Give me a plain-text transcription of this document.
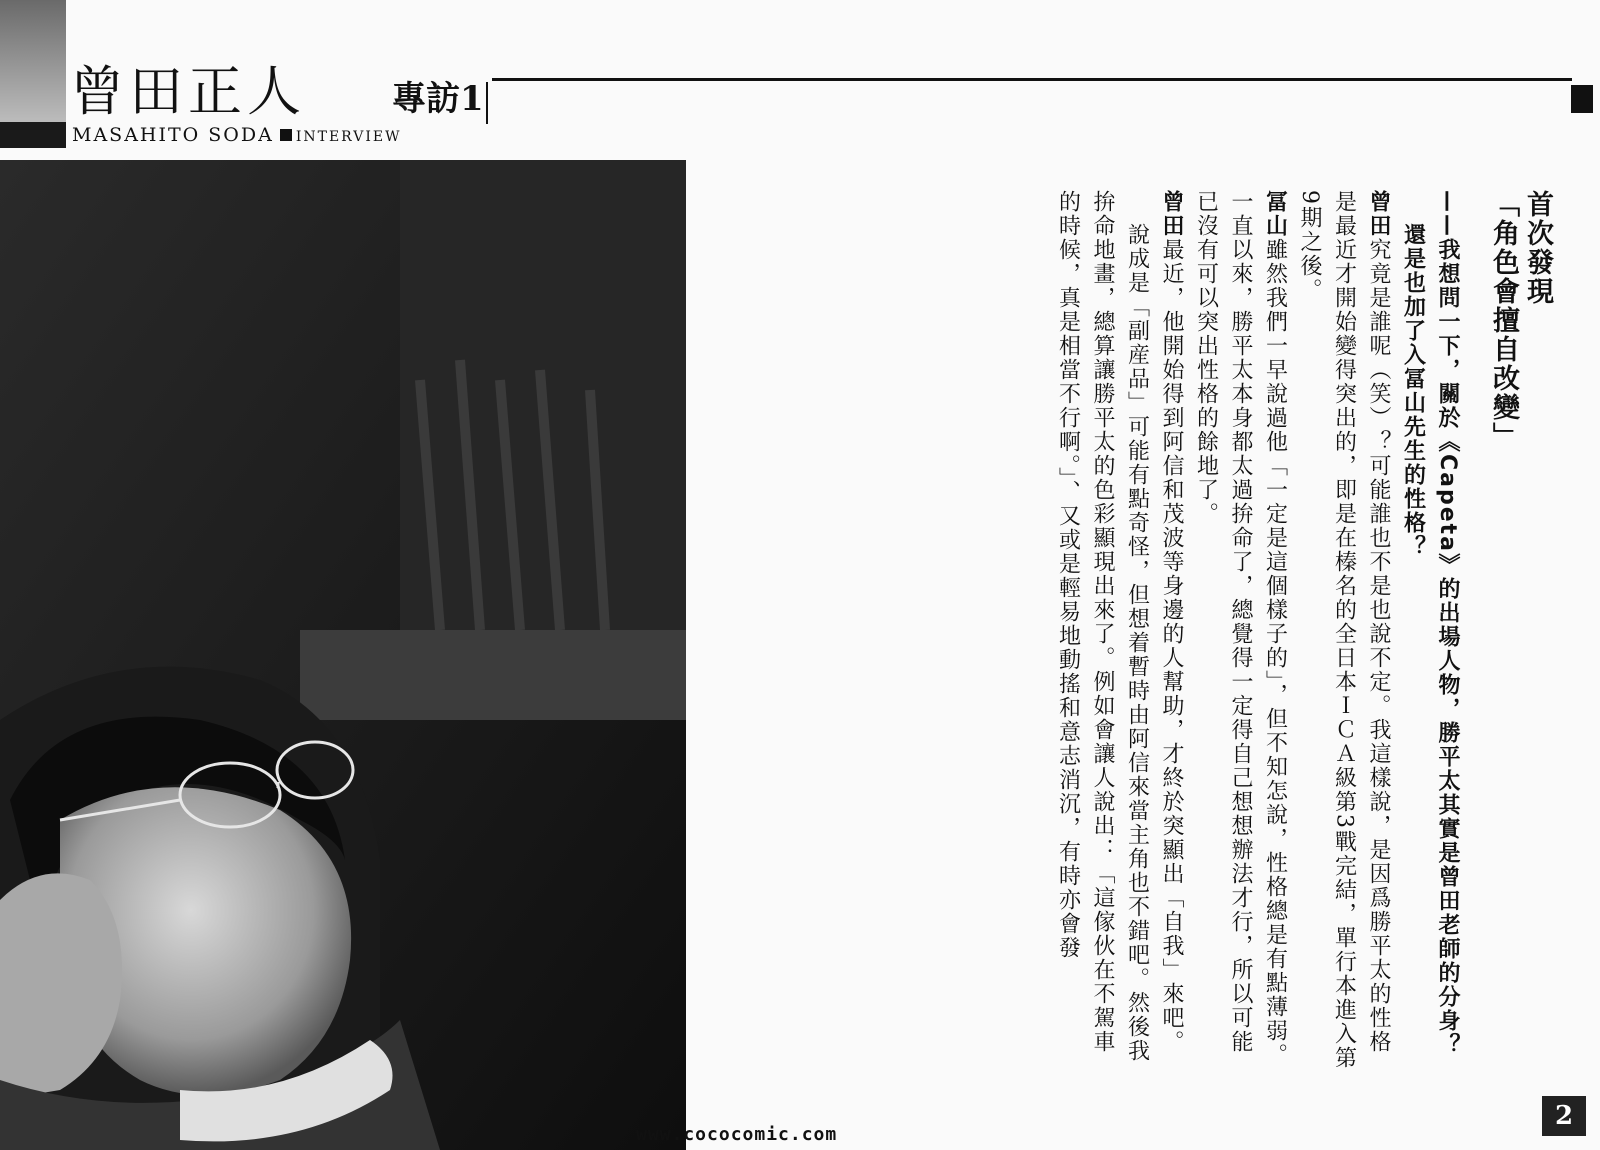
曾田正人	專訪1
MASAHITO SODA INTERVIEW
首次發現
「角色會擅自改變」
——我想問一下，關於《Capeta》的出場人物，勝平太其實是曾田老師的分身？
還是也加了入冨山先生的性格？
曾田究竟是誰呢（笑）？可能誰也不是也說不定。我這樣說，是因爲勝平太的性格是最近才開始變得突出的，即是在榛名的全日本ＩＣＡ級第3戰完結，單行本進入第9期之後。
冨山雖然我們一早說過他「一定是這個樣子的」，但不知怎說，性格總是有點薄弱。一直以來，勝平太本身都太過拚命了，總覺得一定得自己想想辦法才行，所以可能已沒有可以突出性格的餘地了。
曾田最近，他開始得到阿信和茂波等身邊的人幫助，才終於突顯出「自我」來吧。
說成是「副産品」可能有點奇怪，但想着暫時由阿信來當主角也不錯吧。然後我拚命地畫，總算讓勝平太的色彩顯現出來了。例如會讓人說出：「這傢伙在不駕車的時候，真是相當不行啊。」、又或是輕易地動搖和意志消沉，有時亦會發
2
www.cococomic.com
